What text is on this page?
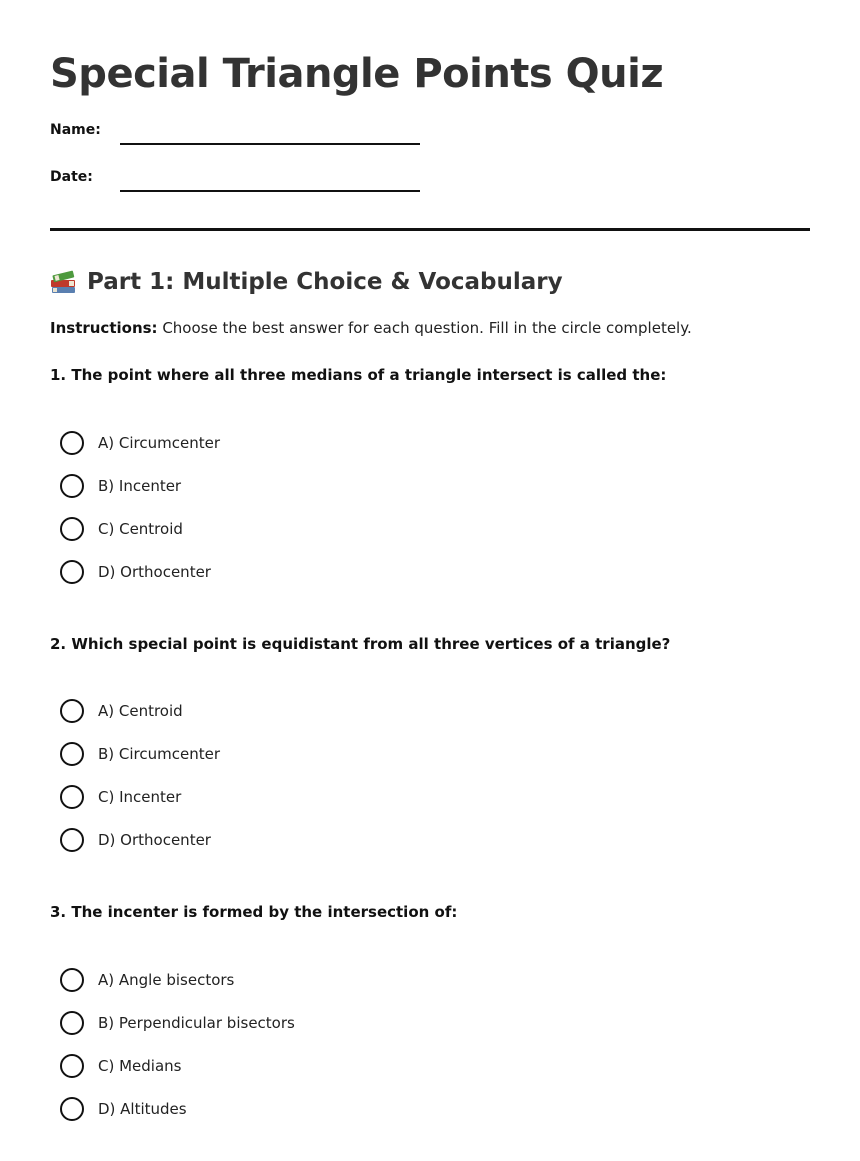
Special Triangle Points Quiz
Name:
Date:
Part 1: Multiple Choice & Vocabulary
Instructions: Choose the best answer for each question. Fill in the circle completely.
1. The point where all three medians of a triangle intersect is called the:
A) Circumcenter
B) Incenter
C) Centroid
D) Orthocenter
2. Which special point is equidistant from all three vertices of a triangle?
A) Centroid
B) Circumcenter
C) Incenter
D) Orthocenter
3. The incenter is formed by the intersection of:
A) Angle bisectors
B) Perpendicular bisectors
C) Medians
D) Altitudes
